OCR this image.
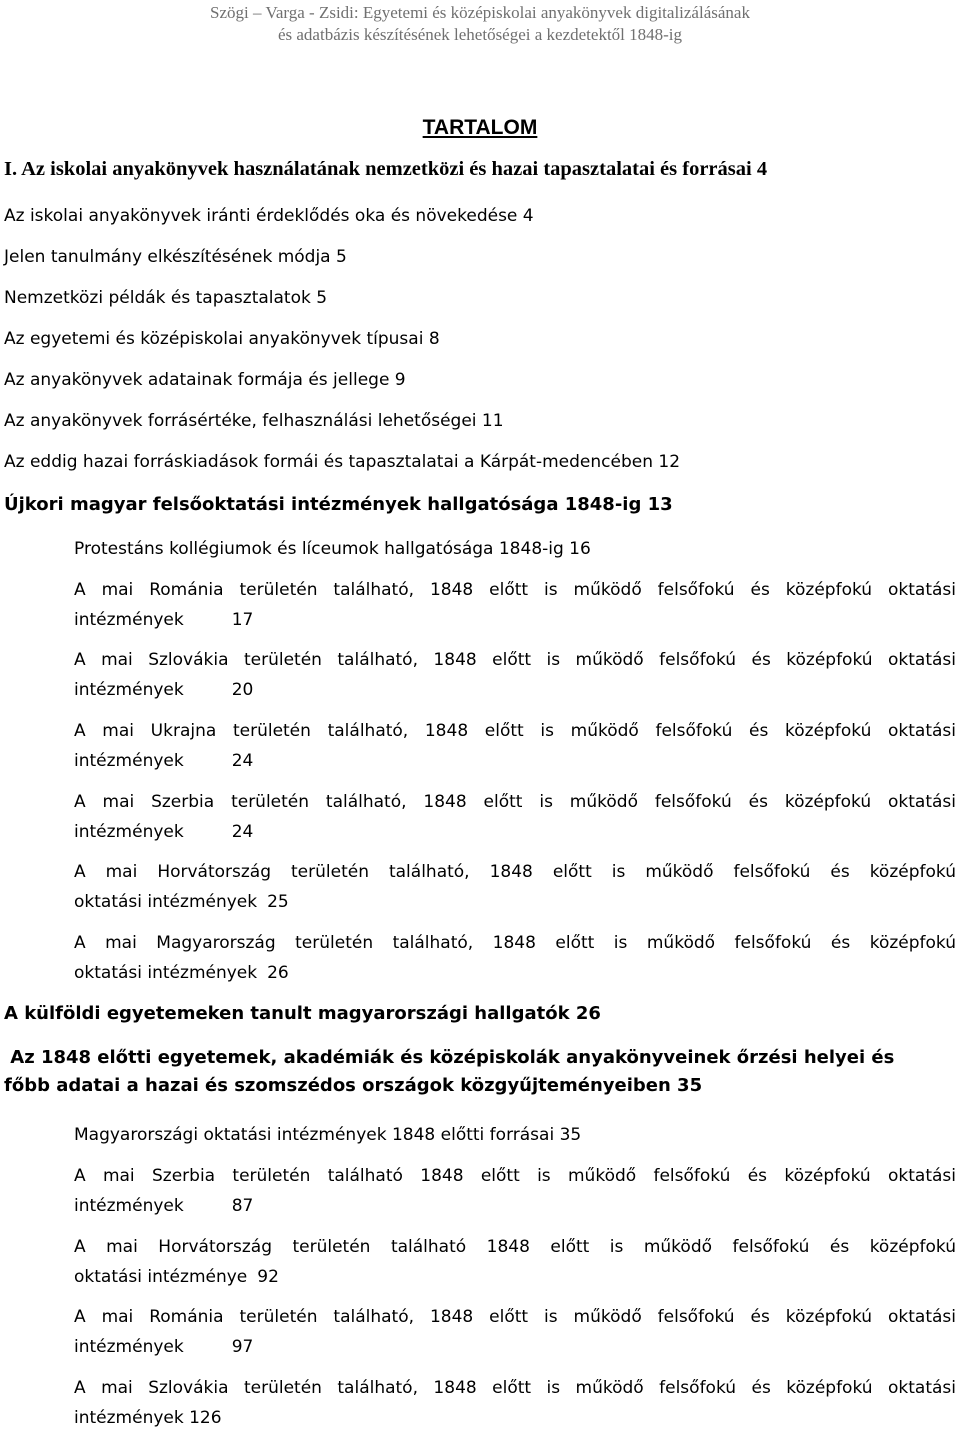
Szögi – Varga - Zsidi: Egyetemi és középiskolai anyakönyvek digitalizálásának
és adatbázis készítésének lehetőségei a kezdetektől 1848-ig
TARTALOM
I. Az iskolai anyakönyvek használatának nemzetközi és hazai tapasztalatai és forrásai 4
Az iskolai anyakönyvek iránti érdeklődés oka és növekedése 4
Jelen tanulmány elkészítésének módja 5
Nemzetközi példák és tapasztalatok 5
Az egyetemi és középiskolai anyakönyvek típusai 8
Az anyakönyvek adatainak formája és jellege 9
Az anyakönyvek forrásértéke, felhasználási lehetőségei 11
Az eddig hazai forráskiadások formái és tapasztalatai a Kárpát-medencében 12
Újkori magyar felsőoktatási intézmények hallgatósága 1848-ig 13
Protestáns kollégiumok és líceumok hallgatósága 1848-ig 16
A mai Románia területén található, 1848 előtt is működő felsőfokú és középfokú oktatási
intézmények	17
A mai Szlovákia területén található, 1848 előtt is működő felsőfokú és középfokú oktatási
intézmények	20
A mai Ukrajna területén található, 1848 előtt is működő felsőfokú és középfokú oktatási
intézmények	24
A mai Szerbia területén található, 1848 előtt is működő felsőfokú és középfokú oktatási
intézmények	24
A mai Horvátország területén található, 1848 előtt is működő felsőfokú és középfokú
oktatási intézmények 25
A mai Magyarország területén található, 1848 előtt is működő felsőfokú és középfokú
oktatási intézmények 26
A külföldi egyetemeken tanult magyarországi hallgatók 26
Az 1848 előtti egyetemek, akadémiák és középiskolák anyakönyveinek őrzési helyei és
főbb adatai a hazai és szomszédos országok közgyűjteményeiben 35
Magyarországi oktatási intézmények 1848 előtti forrásai 35
A mai Szerbia területén található 1848 előtt is működő felsőfokú és középfokú oktatási
intézmények	87
A mai Horvátország területén található 1848 előtt is működő felsőfokú és középfokú
oktatási intézménye 92
A mai Románia területén található, 1848 előtt is működő felsőfokú és középfokú oktatási
intézmények	97
A mai Szlovákia területén található, 1848 előtt is működő felsőfokú és középfokú oktatási
intézmények 126
